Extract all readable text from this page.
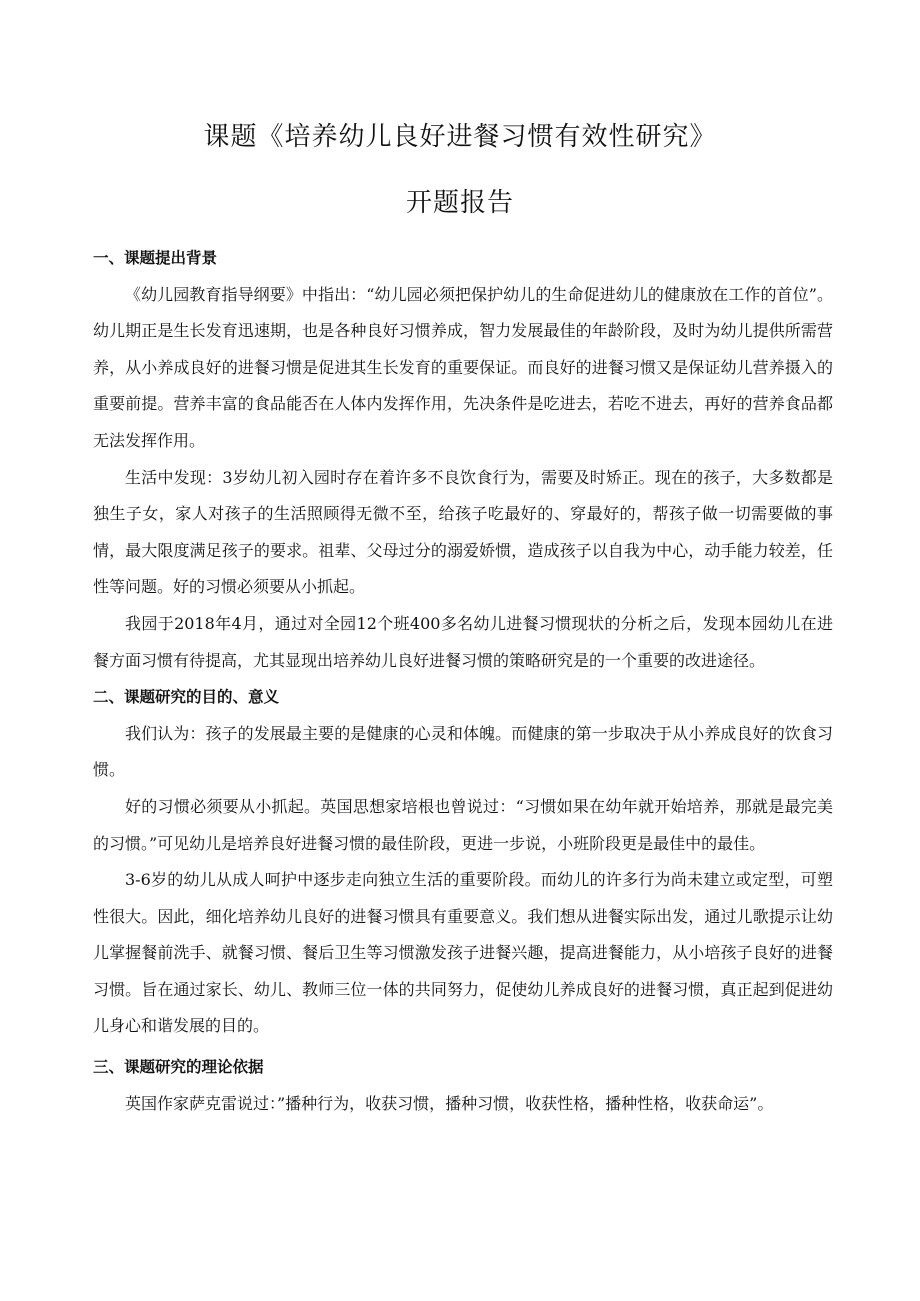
课题《培养幼儿良好进餐习惯有效性研究》
开题报告

一、课题提出背景

《幼儿园教育指导纲要》中指出：“幼儿园必须把保护幼儿的生命促进幼儿的健康放在工作的首位”。幼儿期正是生长发育迅速期，也是各种良好习惯养成，智力发展最佳的年龄阶段，及时为幼儿提供所需营养，从小养成良好的进餐习惯是促进其生长发育的重要保证。而良好的进餐习惯又是保证幼儿营养摄入的重要前提。营养丰富的食品能否在人体内发挥作用，先决条件是吃进去，若吃不进去，再好的营养食品都无法发挥作用。

生活中发现：3岁幼儿初入园时存在着许多不良饮食行为，需要及时矫正。现在的孩子，大多数都是独生子女，家人对孩子的生活照顾得无微不至，给孩子吃最好的、穿最好的，帮孩子做一切需要做的事情，最大限度满足孩子的要求。祖辈、父母过分的溺爱娇惯，造成孩子以自我为中心，动手能力较差，任性等问题。好的习惯必须要从小抓起。

我园于2018年4月，通过对全园12个班400多名幼儿进餐习惯现状的分析之后，发现本园幼儿在进餐方面习惯有待提高，尤其显现出培养幼儿良好进餐习惯的策略研究是的一个重要的改进途径。

二、课题研究的目的、意义

我们认为：孩子的发展最主要的是健康的心灵和体魄。而健康的第一步取决于从小养成良好的饮食习惯。

好的习惯必须要从小抓起。英国思想家培根也曾说过：“习惯如果在幼年就开始培养，那就是最完美的习惯。”可见幼儿是培养良好进餐习惯的最佳阶段，更进一步说，小班阶段更是最佳中的最佳。

3-6岁的幼儿从成人呵护中逐步走向独立生活的重要阶段。而幼儿的许多行为尚未建立或定型，可塑性很大。因此，细化培养幼儿良好的进餐习惯具有重要意义。我们想从进餐实际出发，通过儿歌提示让幼儿掌握餐前洗手、就餐习惯、餐后卫生等习惯激发孩子进餐兴趣，提高进餐能力，从小培孩子良好的进餐习惯。旨在通过家长、幼儿、教师三位一体的共同努力，促使幼儿养成良好的进餐习惯，真正起到促进幼儿身心和谐发展的目的。

三、课题研究的理论依据

英国作家萨克雷说过：”播种行为，收获习惯，播种习惯，收获性格，播种性格，收获命运”。
